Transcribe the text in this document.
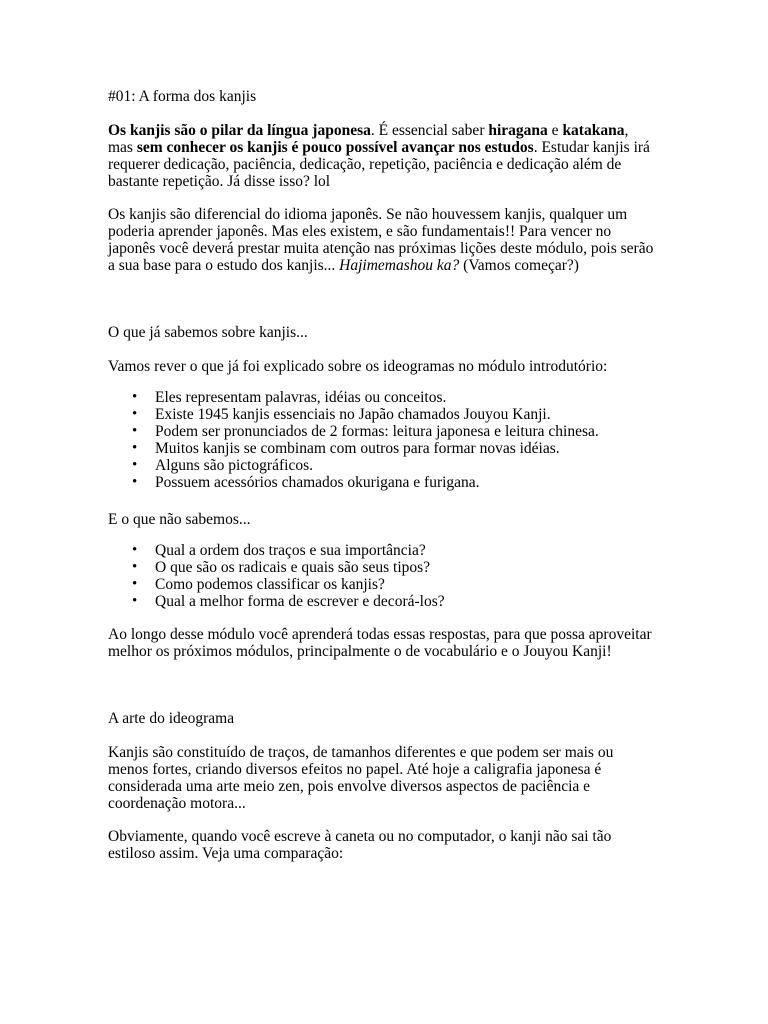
#01: A forma dos kanjis

Os kanjis são o pilar da língua japonesa. É essencial saber hiragana e katakana,
mas sem conhecer os kanjis é pouco possível avançar nos estudos. Estudar kanjis irá
requerer dedicação, paciência, dedicação, repetição, paciência e dedicação além de
bastante repetição. Já disse isso? lol

Os kanjis são diferencial do idioma japonês. Se não houvessem kanjis, qualquer um
poderia aprender japonês. Mas eles existem, e são fundamentais!! Para vencer no
japonês você deverá prestar muita atenção nas próximas lições deste módulo, pois serão
a sua base para o estudo dos kanjis... Hajimemashou ka? (Vamos começar?)

O que já sabemos sobre kanjis...

Vamos rever o que já foi explicado sobre os ideogramas no módulo introdutório:

• Eles representam palavras, idéias ou conceitos.
• Existe 1945 kanjis essenciais no Japão chamados Jouyou Kanji.
• Podem ser pronunciados de 2 formas: leitura japonesa e leitura chinesa.
• Muitos kanjis se combinam com outros para formar novas idéias.
• Alguns são pictográficos.
• Possuem acessórios chamados okurigana e furigana.

E o que não sabemos...

• Qual a ordem dos traços e sua importância?
• O que são os radicais e quais são seus tipos?
• Como podemos classificar os kanjis?
• Qual a melhor forma de escrever e decorá-los?

Ao longo desse módulo você aprenderá todas essas respostas, para que possa aproveitar
melhor os próximos módulos, principalmente o de vocabulário e o Jouyou Kanji!

A arte do ideograma

Kanjis são constituído de traços, de tamanhos diferentes e que podem ser mais ou
menos fortes, criando diversos efeitos no papel. Até hoje a caligrafia japonesa é
considerada uma arte meio zen, pois envolve diversos aspectos de paciência e
coordenação motora...

Obviamente, quando você escreve à caneta ou no computador, o kanji não sai tão
estiloso assim. Veja uma comparação:
